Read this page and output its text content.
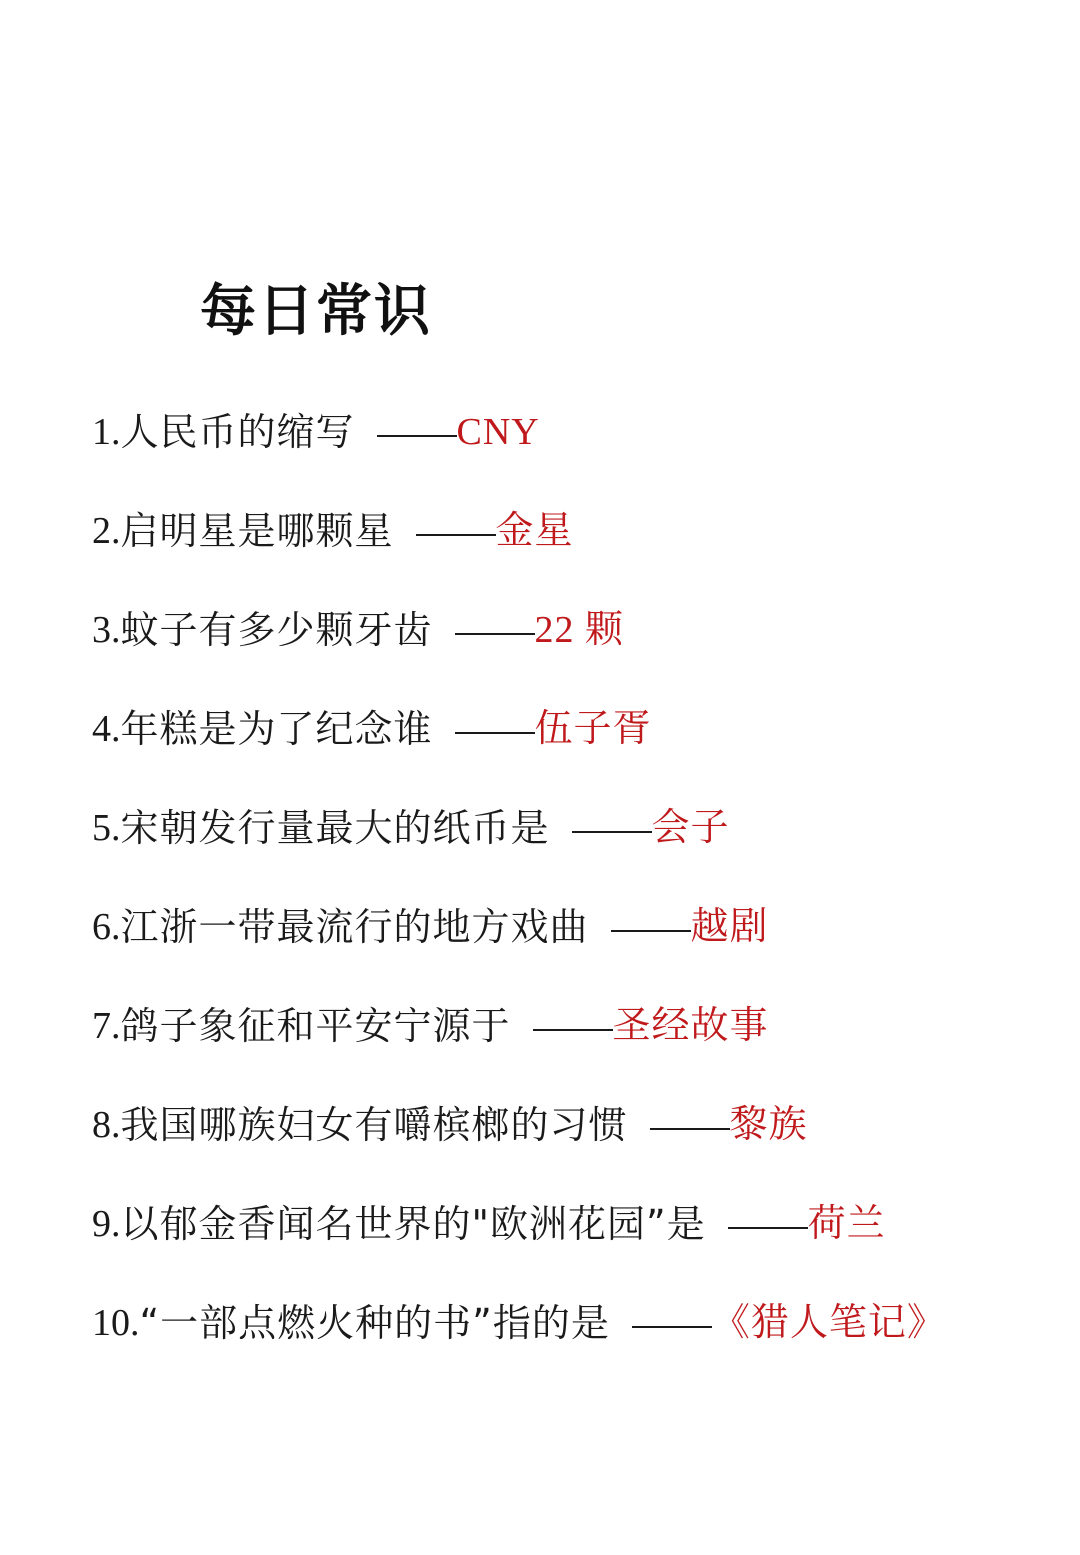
每日常识
1. 人民币的缩写	CNY
2. 启明星是哪颗星	金星
3. 蚊子有多少颗牙齿	22 颗
4. 年糕是为了纪念谁	伍子胥
5. 宋朝发行量最大的纸币是	会子
6. 江浙一带最流行的地方戏曲	越剧
7. 鸽子象征和平安宁源于	圣经故事
8. 我国哪族妇女有嚼槟榔的习惯	黎族
9. 以郁金香闻名世界的"欧洲花园”是	荷兰
10. “一部点燃火种的书”指的是	《猎人笔记》
